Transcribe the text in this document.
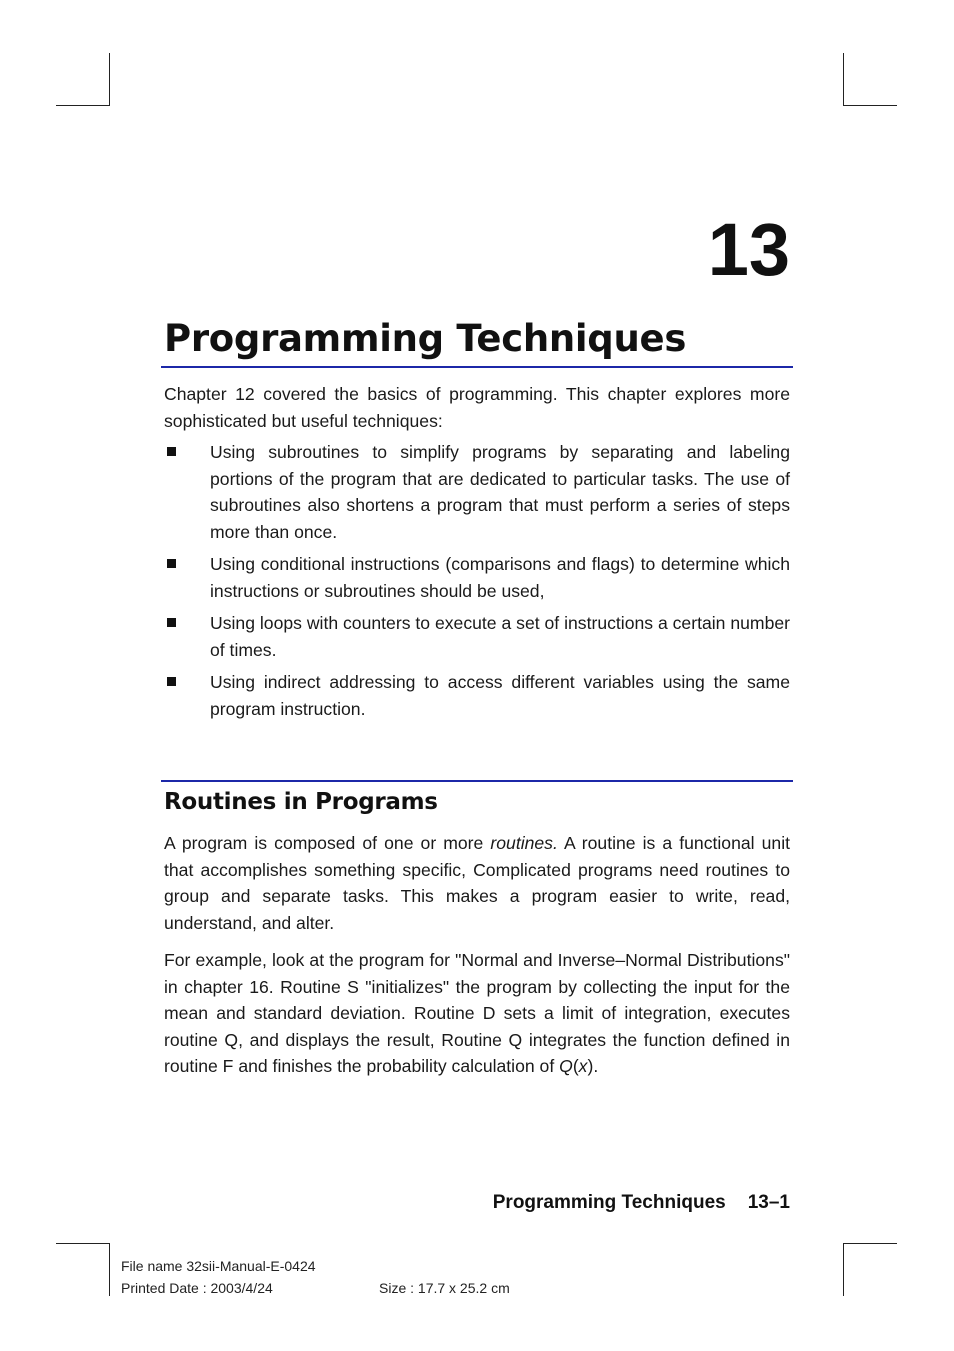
13
Programming Techniques
Chapter 12 covered the basics of programming. This chapter explores more sophisticated but useful techniques:
Using subroutines to simplify programs by separating and labeling portions of the program that are dedicated to particular tasks. The use of subroutines also shortens a program that must perform a series of steps more than once.
Using conditional instructions (comparisons and flags) to determine which instructions or subroutines should be used,
Using loops with counters to execute a set of instructions a certain number of times.
Using indirect addressing to access different variables using the same program instruction.
Routines in Programs
A program is composed of one or more routines. A routine is a functional unit that accomplishes something specific, Complicated programs need routines to group and separate tasks. This makes a program easier to write, read, understand, and alter.
For example, look at the program for "Normal and Inverse–Normal Distributions" in chapter 16. Routine S "initializes" the program by collecting the input for the mean and standard deviation. Routine D sets a limit of integration, executes routine Q, and displays the result, Routine Q integrates the function defined in routine F and finishes the probability calculation of Q(x).
Programming Techniques 13–1
File name 32sii-Manual-E-0424
Printed Date : 2003/4/24	Size : 17.7 x 25.2 cm
